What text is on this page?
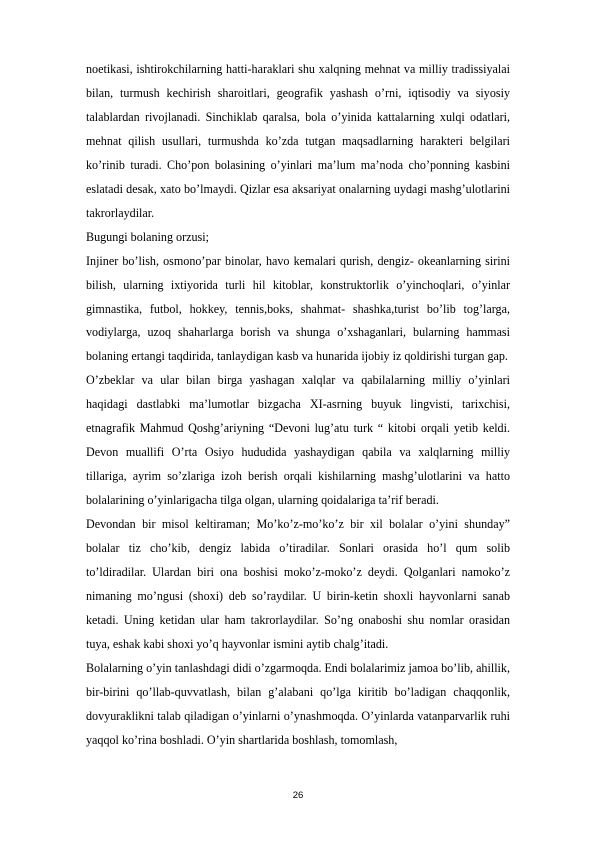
noetikasi, ishtirokchilarning hatti-haraklari shu xalqning mehnat va milliy tradissiyalai bilan, turmush kechirish sharoitlari, geografik yashash o’rni, iqtisodiy va siyosiy talablardan rivojlanadi. Sinchiklab qaralsa, bola o’yinida kattalarning xulqi odatlari, mehnat qilish usullari, turmushda ko’zda tutgan maqsadlarning harakteri belgilari ko’rinib turadi. Cho’pon bolasining o’yinlari ma’lum ma’noda cho’ponning kasbini eslatadi desak, xato bo’lmaydi. Qizlar esa aksariyat onalarning uydagi mashg’ulotlarini takrorlaydilar.

Bugungi bolaning orzusi;

Injiner bo’lish, osmono’par binolar, havo kemalari qurish, dengiz- okeanlarning sirini bilish, ularning ixtiyorida turli hil kitoblar, konstruktorlik o’yinchoqlari, o’yinlar gimnastika, futbol, hokkey, tennis,boks, shahmat- shashka,turist bo’lib tog’larga, vodiylarga, uzoq shaharlarga borish va shunga o’xshaganlari, bularning hammasi bolaning ertangi taqdirida, tanlaydigan kasb va hunarida ijobiy iz qoldirishi turgan gap.

O’zbeklar va ular bilan birga yashagan xalqlar va qabilalarning milliy o’yinlari haqidagi dastlabki ma’lumotlar bizgacha XI-asrning buyuk lingvisti, tarixchisi, etnagrafik Mahmud Qoshg’ariyning “Devoni lug’atu turk “ kitobi orqali yetib keldi. Devon muallifi O’rta Osiyo hududida yashaydigan qabila va xalqlarning milliy tillariga, ayrim so’zlariga izoh berish orqali kishilarning mashg’ulotlarini va hatto bolalarining o’yinlarigacha tilga olgan, ularning qoidalariga ta’rif beradi.

Devondan bir misol keltiraman; Mo’ko’z-mo’ko’z bir xil bolalar o’yini shunday” bolalar tiz cho’kib, dengiz labida o’tiradilar. Sonlari orasida ho’l qum solib to’ldiradilar. Ulardan biri ona boshisi moko’z-moko’z deydi. Qolganlari namoko’z nimaning mo’ngusi (shoxi) deb so’raydilar. U birin-ketin shoxli hayvonlarni sanab ketadi. Uning ketidan ular ham takrorlaydilar. So’ng onaboshi shu nomlar orasidan tuya, eshak kabi shoxi yo’q hayvonlar ismini aytib chalg’itadi.

Bolalarning o’yin tanlashdagi didi o’zgarmoqda. Endi bolalarimiz jamoa bo’lib, ahillik, bir-birini qo’llab-quvvatlash, bilan g’alabani qo’lga kiritib bo’ladigan chaqqonlik, dovyuraklikni talab qiladigan o’yinlarni o’ynashmoqda. O’yinlarda vatanparvarlik ruhi yaqqol ko’rina boshladi. O’yin shartlarida boshlash, tomomlash,

26
